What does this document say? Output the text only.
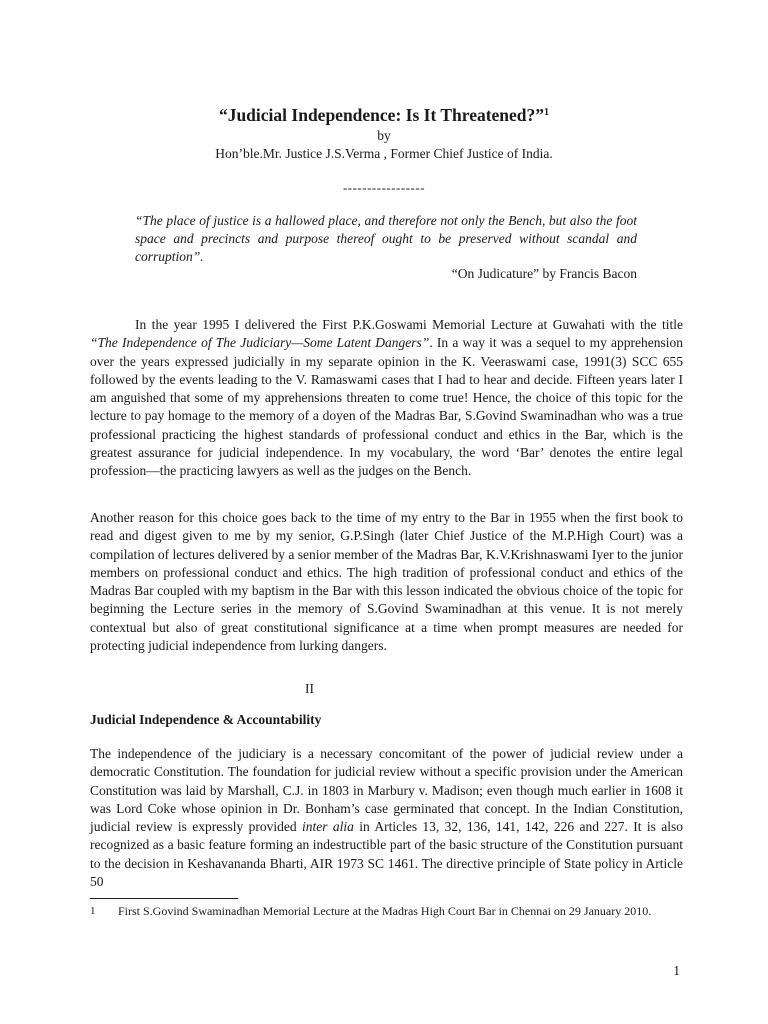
“Judicial Independence: Is It Threatened?”$^1$
by
Hon’ble.Mr. Justice J.S.Verma , Former Chief Justice of India.
-----------------

“The place of justice is a hallowed place, and therefore not only the Bench, but also the foot space and precincts and purpose thereof ought to be preserved without scandal and corruption”.

“On Judicature” by Francis Bacon

In the year 1995 I delivered the First P.K.Goswami Memorial Lecture at Guwahati with the title “The Independence of The Judiciary—Some Latent Dangers”. In a way it was a sequel to my apprehension over the years expressed judicially in my separate opinion in the K. Veeraswami case, 1991(3) SCC 655 followed by the events leading to the V. Ramaswami cases that I had to hear and decide. Fifteen years later I am anguished that some of my apprehensions threaten to come true! Hence, the choice of this topic for the lecture to pay homage to the memory of a doyen of the Madras Bar, S.Govind Swaminadhan who was a true professional practicing the highest standards of professional conduct and ethics in the Bar, which is the greatest assurance for judicial independence. In my vocabulary, the word ‘Bar’ denotes the entire legal profession—the practicing lawyers as well as the judges on the Bench.

Another reason for this choice goes back to the time of my entry to the Bar in 1955 when the first book to read and digest given to me by my senior, G.P.Singh (later Chief Justice of the M.P.High Court) was a compilation of lectures delivered by a senior member of the Madras Bar, K.V.Krishnaswami Iyer to the junior members on professional conduct and ethics. The high tradition of professional conduct and ethics of the Madras Bar coupled with my baptism in the Bar with this lesson indicated the obvious choice of the topic for beginning the Lecture series in the memory of S.Govind Swaminadhan at this venue. It is not merely contextual but also of great constitutional significance at a time when prompt measures are needed for protecting judicial independence from lurking dangers.

II
Judicial Independence & Accountability

The independence of the judiciary is a necessary concomitant of the power of judicial review under a democratic Constitution. The foundation for judicial review without a specific provision under the American Constitution was laid by Marshall, C.J. in 1803 in Marbury v. Madison; even though much earlier in 1608 it was Lord Coke whose opinion in Dr. Bonham’s case germinated that concept. In the Indian Constitution, judicial review is expressly provided inter alia in Articles 13, 32, 136, 141, 142, 226 and 227. It is also recognized as a basic feature forming an indestructible part of the basic structure of the Constitution pursuant to the decision in Keshavananda Bharti, AIR 1973 SC 1461. The directive principle of State policy in Article 50

1 First S.Govind Swaminadhan Memorial Lecture at the Madras High Court Bar in Chennai on 29 January 2010.

1
